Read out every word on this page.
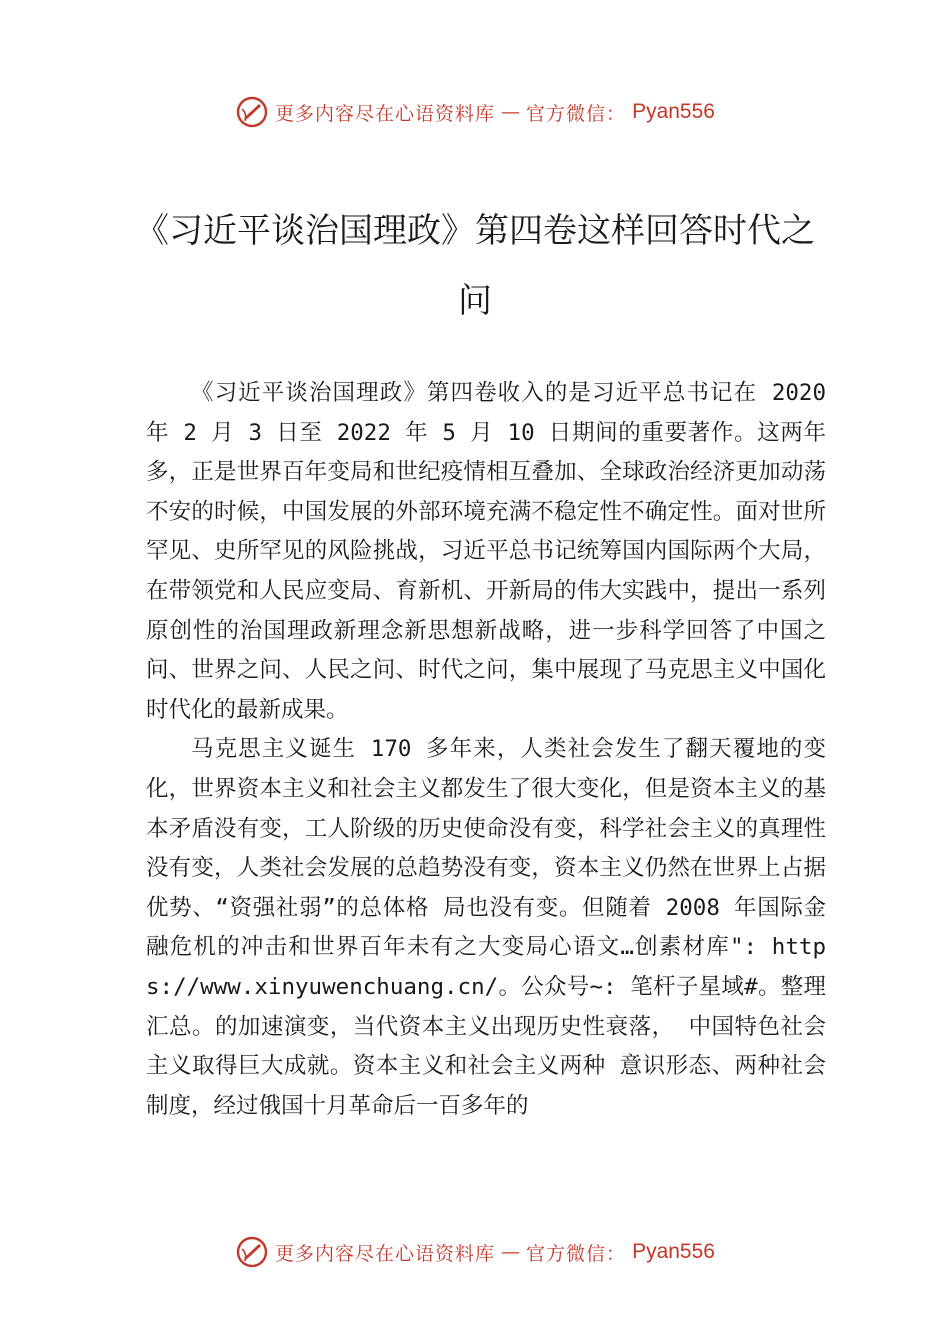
更多内容尽在心语资料库 — 官方微信： Pyan556
《习近平谈治国理政》第四卷这样回答时代之问

《习近平谈治国理政》第四卷收入的是习近平总书记在 2020 年 2 月 3 日至 2022 年 5 月 10 日期间的重要著作。这两年多，正是世界百年变局和世纪疫情相互叠加、全球政治经济更加动荡不安的时候，中国发展的外部环境充满不稳定性不确定性。面对世所罕见、史所罕见的风险挑战，习近平总书记统筹国内国际两个大局，在带领党和人民应变局、育新机、开新局的伟大实践中，提出一系列原创性的治国理政新理念新思想新战略，进一步科学回答了中国之问、世界之问、人民之问、时代之问，集中展现了马克思主义中国化时代化的最新成果。

马克思主义诞生 170 多年来，人类社会发生了翻天覆地的变化，世界资本主义和社会主义都发生了很大变化，但是资本主义的基本矛盾没有变，工人阶级的历史使命没有变，科学社会主义的真理性没有变，人类社会发展的总趋势没有变，资本主义仍然在世界上占据优势、“资强社弱”的总体格 局也没有变。但随着 2008 年国际金融危机的冲击和世界百年未有之大变局心语文…创素材库": https://www.xinyuwenchuang.cn/。公众号~: 笔杆子星域#。整理汇总。的加速演变，当代资本主义出现历史性衰落， 中国特色社会主义取得巨大成就。资本主义和社会主义两种 意识形态、两种社会制度，经过俄国十月革命后一百多年的

更多内容尽在心语资料库 — 官方微信： Pyan556
